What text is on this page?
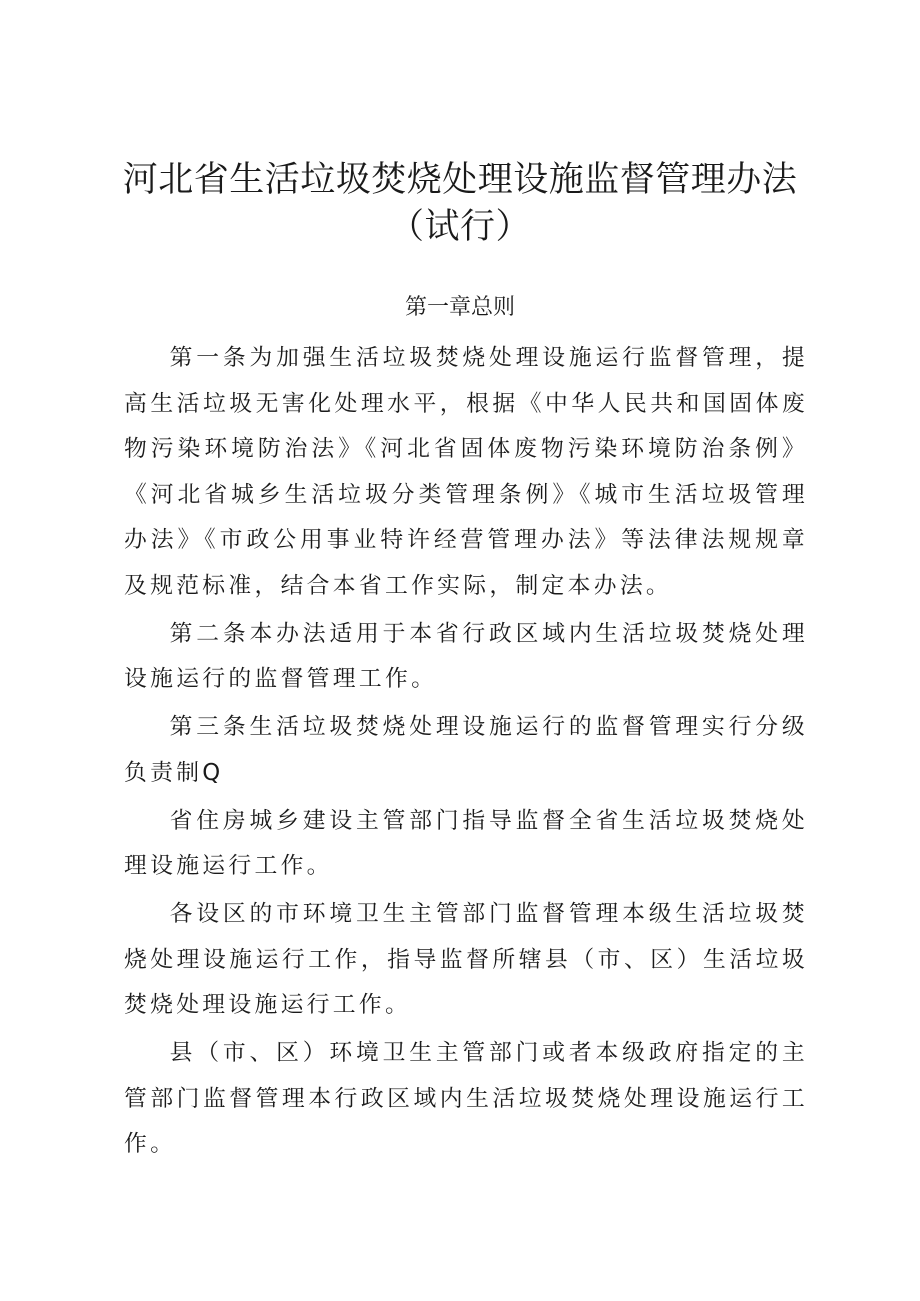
河北省生活垃圾焚烧处理设施监督管理办法
（试行）
第一章总则

第一条为加强生活垃圾焚烧处理设施运行监督管理，提高生活垃圾无害化处理水平，根据《中华人民共和国固体废物污染环境防治法》《河北省固体废物污染环境防治条例》《河北省城乡生活垃圾分类管理条例》《城市生活垃圾管理办法》《市政公用事业特许经营管理办法》等法律法规规章及规范标准，结合本省工作实际，制定本办法。

第二条本办法适用于本省行政区域内生活垃圾焚烧处理设施运行的监督管理工作。

第三条生活垃圾焚烧处理设施运行的监督管理实行分级负责制Q

省住房城乡建设主管部门指导监督全省生活垃圾焚烧处理设施运行工作。

各设区的市环境卫生主管部门监督管理本级生活垃圾焚烧处理设施运行工作，指导监督所辖县（市、区）生活垃圾焚烧处理设施运行工作。

县（市、区）环境卫生主管部门或者本级政府指定的主管部门监督管理本行政区域内生活垃圾焚烧处理设施运行工作。
